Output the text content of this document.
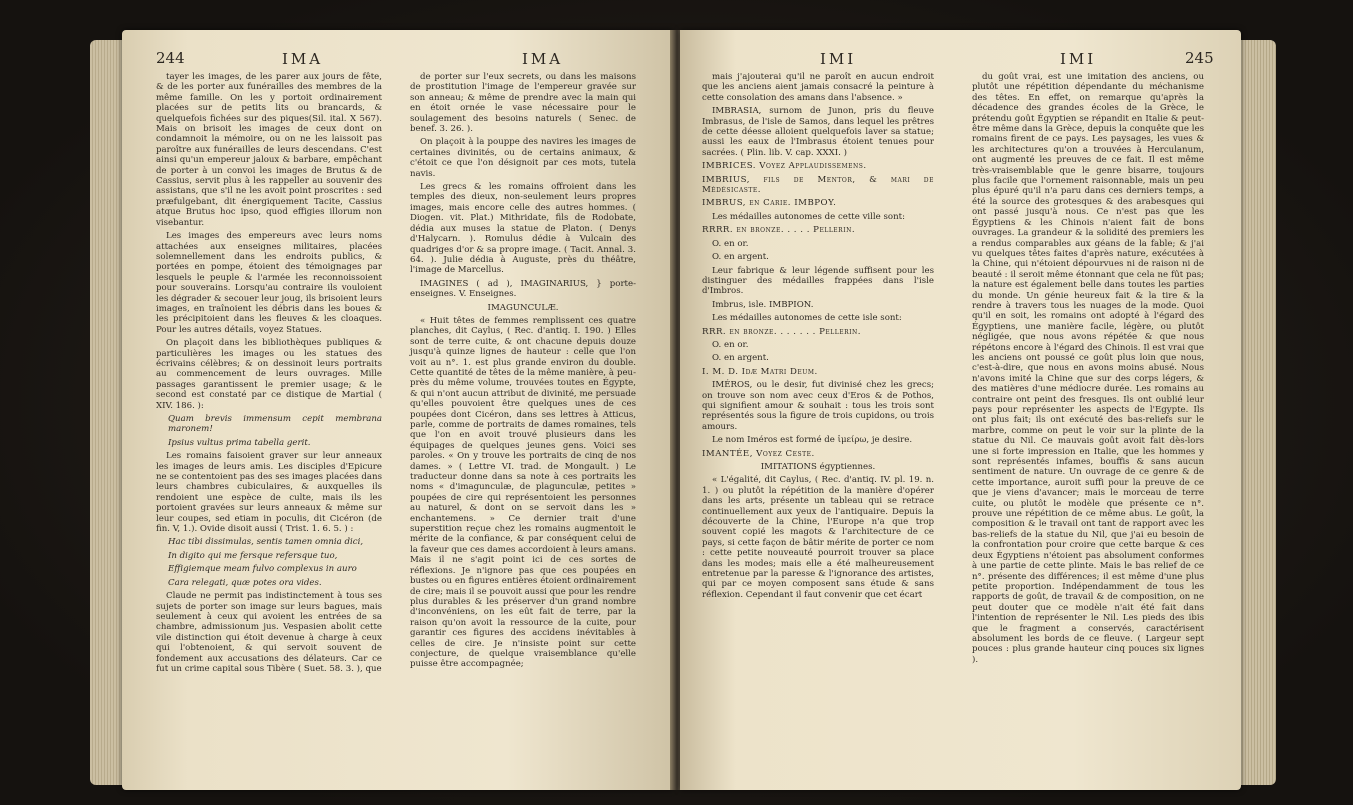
244	IMA	IMA

tayer les images, de les parer aux jours de fête, & de les porter aux funérailles des membres de la même famille. On les y portoit ordinairement placées sur de petits lits ou brancards, & quelquefois fichées sur des piques(Sil. ital. X 567). Mais on brisoit les images de ceux dont on condamnoit la mémoire, ou on ne les laissoit pas paroître aux funérailles de leurs descendans. C'est ainsi qu'un empereur jaloux & barbare, empêchant de porter à un convoi les images de Brutus & de Cassius, servit plus à les rappeller au souvenir des assistans, que s'il ne les avoit point proscrites : sed præfulgebant, dit énergiquement Tacite, Cassius atque Brutus hoc ipso, quod effigies illorum non visebantur.

Les images des empereurs avec leurs noms attachées aux enseignes militaires, placées solemnellement dans les endroits publics, & portées en pompe, étoient des témoignages par lesquels le peuple & l'armée les reconnoissoient pour souverains. Lorsqu'au contraire ils vouloient les dégrader & secouer leur joug, ils brisoient leurs images, en traînoient les débris dans les boues & les précipitoient dans les fleuves & les cloaques. Pour les autres détails, voyez Statues.

On plaçoit dans les bibliothèques publiques & particulières les images ou les statues des écrivains célèbres; & on dessinoit leurs portraits au commencement de leurs ouvrages. Mille passages garantissent le premier usage; & le second est constaté par ce distique de Martial ( XIV. 186. ):

Quam brevis immensum cepit membrana maronem!

Ipsius vultus prima tabella gerit.

Les romains faisoient graver sur leur anneaux les images de leurs amis. Les disciples d'Epicure ne se contentoient pas des ses images placées dans leurs chambres cubiculaires, & auxquelles ils rendoient une espèce de culte, mais ils les portoient gravées sur leurs anneaux & même sur leur coupes, sed etiam in poculis, dit Cicéron (de fin. V, 1.). Ovide disoit aussi ( Trist. 1. 6. 5. ) :

Hac tibi dissimulas, sentis tamen omnia dici,

In digito qui me fersque refersque tuo,

Effigiemque meam fulvo complexus in auro

Cara relegati, quæ potes ora vides.

Claude ne permit pas indistinctement à tous ses sujets de porter son image sur leurs bagues, mais seulement à ceux qui avoient les entrées de sa chambre, admissionum jus. Vespasien abolit cette vile distinction qui étoit devenue à charge à ceux qui l'obtenoient, & qui servoit souvent de fondement aux accusations des délateurs. Car ce fut un crime capital sous Tibère ( Suet. 58. 3. ), que

de porter sur l'eux secrets, ou dans les maisons de prostitution l'image de l'empereur gravée sur son anneau; & même de prendre avec la main qui en étoit ornée le vase nécessaire pour le soulagement des besoins naturels ( Senec. de benef. 3. 26. ).

On plaçoit à la pouppe des navires les images de certaines divinités, ou de certains animaux, & c'étoit ce que l'on désignoit par ces mots, tutela navis.

Les grecs & les romains offroient dans les temples des dieux, non-seulement leurs propres images, mais encore celle des autres hommes. ( Diogen. vit. Plat.) Mithridate, fils de Rodobate, dédia aux muses la statue de Platon. ( Denys d'Halycarn. ). Romulus dédie à Vulcain des quadriges d'or & sa propre image. ( Tacit. Annal. 3. 64. ). Julie dédia à Auguste, près du théâtre, l'image de Marcellus.

IMAGINES ( ad ), IMAGINARIUS, } porte-enseignes. V. Enseignes.

IMAGUNCULÆ.

« Huit têtes de femmes remplissent ces quatre planches, dit Caylus, ( Rec. d'antiq. I. 190. ) Elles sont de terre cuite, & ont chacune depuis douze jusqu'à quinze lignes de hauteur : celle que l'on voit au n°. 1. est plus grande environ du double. Cette quantité de têtes de la même manière, à peu-près du même volume, trouvées toutes en Égypte, & qui n'ont aucun attribut de divinité, me persuade qu'elles pouvoient être quelques unes de ces poupées dont Cicéron, dans ses lettres à Atticus, parle, comme de portraits de dames romaines, tels que l'on en avoit trouvé plusieurs dans les équipages de quelques jeunes gens. Voici ses paroles. « On y trouve les portraits de cinq de nos dames. » ( Lettre VI. trad. de Mongault. ) Le traducteur donne dans sa note à ces portraits les noms « d'imagunculæ, de plagunculæ, petites » poupées de cire qui représentoient les personnes au naturel, & dont on se servoit dans les » enchantemens. » Ce dernier trait d'une superstition reçue chez les romains augmentoit le mérite de la confiance, & par conséquent celui de la faveur que ces dames accordoient à leurs amans. Mais il ne s'agit point ici de ces sortes de réflexions. Je n'ignore pas que ces poupées en bustes ou en figures entières étoient ordinairement de cire; mais il se pouvoit aussi que pour les rendre plus durables & les préserver d'un grand nombre d'inconvéniens, on les eût fait de terre, par la raison qu'on avoit la ressource de la cuite, pour garantir ces figures des accidens inévitables à celles de cire. Je n'insiste point sur cette conjecture, de quelque vraisemblance qu'elle puisse être accompagnée;

IMI	IMI	245

mais j'ajouterai qu'il ne paroît en aucun endroit que les anciens aient jamais consacré la peinture à cette consolation des amans dans l'absence. »

IMBRASIA, surnom de Junon, pris du fleuve Imbrasus, de l'isle de Samos, dans lequel les prêtres de cette déesse alloient quelquefois laver sa statue; aussi les eaux de l'Imbrasus étoient tenues pour sacrées. ( Plin. lib. V. cap. XXXI. )

IMBRICES. Voyez Applaudissemens.

IMBRIUS, fils de Mentor, & mari de Médésicaste.

IMBRUS, en Carie. IMBPOY.

Les médailles autonomes de cette ville sont:

RRRR. en bronze. . . . . Pellerin.

O. en or.

O. en argent.

Leur fabrique & leur légende suffisent pour les distinguer des médailles frappées dans l'isle d'Imbros.

Imbrus, isle. IMBPION.

Les médailles autonomes de cette isle sont:

RRR. en bronze. . . . . . . Pellerin.

O. en or.

O. en argent.

I. M. D. Idæ Matri Deum.

IMÉROS, ou le desir, fut divinisé chez les grecs; on trouve son nom avec ceux d'Eros & de Pothos, qui signifient amour & souhait : tous les trois sont représentés sous la figure de trois cupidons, ou trois amours.

Le nom Iméros est formé de ἱμείρω, je desire.

IMANTÉE, Voyez Ceste.

IMITATIONS égyptiennes.

« L'égalité, dit Caylus, ( Rec. d'antiq. IV. pl. 19. n. 1. ) ou plutôt la répétition de la manière d'opérer dans les arts, présente un tableau qui se retrace continuellement aux yeux de l'antiquaire. Depuis la découverte de la Chine, l'Europe n'a que trop souvent copié les magots & l'architecture de ce pays, si cette façon de bâtir mérite de porter ce nom : cette petite nouveauté pourroit trouver sa place dans les modes; mais elle a été malheureusement entretenue par la paresse & l'ignorance des artistes, qui par ce moyen composent sans étude & sans réflexion. Cependant il faut convenir que cet écart

du goût vrai, est une imitation des anciens, ou plutôt une répétition dépendante du méchanisme des têtes. En effet, on remarque qu'après la décadence des grandes écoles de la Grèce, le prétendu goût Égyptien se répandit en Italie & peut-être même dans la Grèce, depuis la conquête que les romains firent de ce pays. Les paysages, les vues & les architectures qu'on a trouvées à Herculanum, ont augmenté les preuves de ce fait. Il est même très-vraisemblable que le genre bisarre, toujours plus facile que l'ornement raisonnable, mais un peu plus épuré qu'il n'a paru dans ces derniers temps, a été la source des grotesques & des arabesques qui ont passé jusqu'à nous. Ce n'est pas que les Égyptiens & les Chinois n'aient fait de bons ouvrages. La grandeur & la solidité des premiers les a rendus comparables aux géans de la fable; & j'ai vu quelques têtes faites d'après nature, exécutées à la Chine, qui n'étoient dépourvues ni de raison ni de beauté : il seroit même étonnant que cela ne fût pas; la nature est également belle dans toutes les parties du monde. Un génie heureux fait & la tire & la rendre à travers tous les nuages de la mode. Quoi qu'il en soit, les romains ont adopté à l'égard des Égyptiens, une manière facile, légère, ou plutôt négligée, que nous avons répétée & que nous répétons encore à l'égard des Chinois. Il est vrai que les anciens ont poussé ce goût plus loin que nous, c'est-à-dire, que nous en avons moins abusé. Nous n'avons imité la Chine que sur des corps légers, & des matières d'une médiocre durée. Les romains au contraire ont peint des fresques. Ils ont oublié leur pays pour représenter les aspects de l'Egypte. Ils ont plus fait; ils ont exécuté des bas-reliefs sur le marbre, comme on peut le voir sur la plinte de la statue du Nil. Ce mauvais goût avoit fait dès-lors une si forte impression en Italie, que les hommes y sont représentés infames, bouffis & sans aucun sentiment de nature. Un ouvrage de ce genre & de cette importance, auroit suffi pour la preuve de ce que je viens d'avancer; mais le morceau de terre cuite, ou plutôt le modèle que présente ce n°. prouve une répétition de ce même abus. Le goût, la composition & le travail ont tant de rapport avec les bas-reliefs de la statue du Nil, que j'ai eu besoin de la confrontation pour croire que cette barque & ces deux Égyptiens n'étoient pas absolument conformes à une partie de cette plinte. Mais le bas relief de ce n°. présente des différences; il est même d'une plus petite proportion. Indépendamment de tous les rapports de goût, de travail & de composition, on ne peut douter que ce modèle n'ait été fait dans l'intention de représenter le Nil. Les pieds des ibis que le fragment a conservés, caractérisent absolument les bords de ce fleuve. ( Largeur sept pouces : plus grande hauteur cinq pouces six lignes ).
